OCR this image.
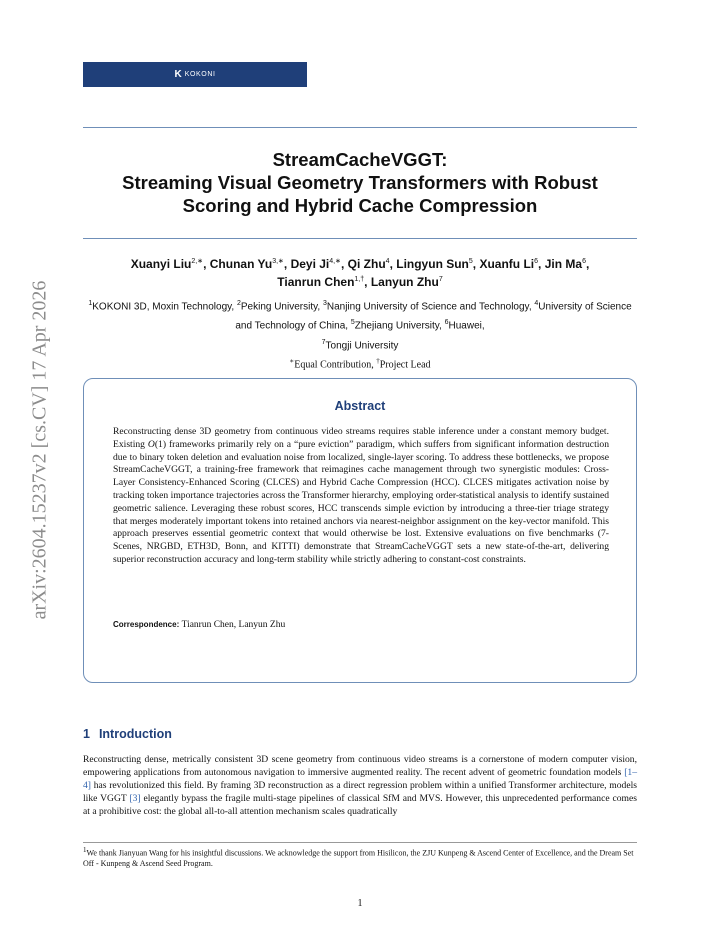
K KOKONI
arXiv:2604.15237v2 [cs.CV] 17 Apr 2026
StreamCacheVGGT:
Streaming Visual Geometry Transformers with Robust
Scoring and Hybrid Cache Compression
Xuanyi Liu$^{2,∗}$, Chunan $Yu^{3,∗}$, Deyi $Ji^{4,∗}$, Qi Zhu$^4$, Lingyun Sun$^5$, Xuanfu Li$^6$, Jin Ma$^6$,
Tianrun Chen$^{1,\dagger}$, Lanyun Zhu$^7$
$^1$KOKONI 3D, Moxin Technology, $^2$Peking University, $^3$Nanjing University of Science and Technology, $^4$University of Science and Technology of China, $^5$Zhejiang University, $^6$Huawei,
$^7$Tongji University
∗Equal Contribution, †Project Lead
Abstract
Reconstructing dense 3D geometry from continuous video streams requires stable inference under a constant memory budget. Existing O(1) frameworks primarily rely on a “pure eviction” paradigm, which suffers from significant information destruction due to binary token deletion and evaluation noise from localized, single-layer scoring. To address these bottlenecks, we propose StreamCacheVGGT, a training-free framework that reimagines cache management through two synergistic modules: Cross-Layer Consistency-Enhanced Scoring (CLCES) and Hybrid Cache Compression (HCC). CLCES mitigates activation noise by tracking token importance trajectories across the Transformer hierarchy, employing order-statistical analysis to identify sustained geometric salience. Leveraging these robust scores, HCC transcends simple eviction by introducing a three-tier triage strategy that merges moderately important tokens into retained anchors via nearest-neighbor assignment on the key-vector manifold. This approach preserves essential geometric context that would otherwise be lost. Extensive evaluations on five benchmarks (7-Scenes, NRGBD, ETH3D, Bonn, and KITTI) demonstrate that StreamCacheVGGT sets a new state-of-the-art, delivering superior reconstruction accuracy and long-term stability while strictly adhering to constant-cost constraints.
Correspondence: Tianrun Chen, Lanyun Zhu
1 Introduction
Reconstructing dense, metrically consistent 3D scene geometry from continuous video streams is a cornerstone of modern computer vision, empowering applications from autonomous navigation to immersive augmented reality. The recent advent of geometric foundation models [1–4] has revolutionized this field. By framing 3D reconstruction as a direct regression problem within a unified Transformer architecture, models like VGGT [3] elegantly bypass the fragile multi-stage pipelines of classical SfM and MVS. However, this unprecedented performance comes at a prohibitive cost: the global all-to-all attention mechanism scales quadratically
$^1$We thank Jianyuan Wang for his insightful discussions. We acknowledge the support from Hisilicon, the ZJU Kunpeng & Ascend Center of Excellence, and the Dream Set Off - Kunpeng & Ascend Seed Program.
1
